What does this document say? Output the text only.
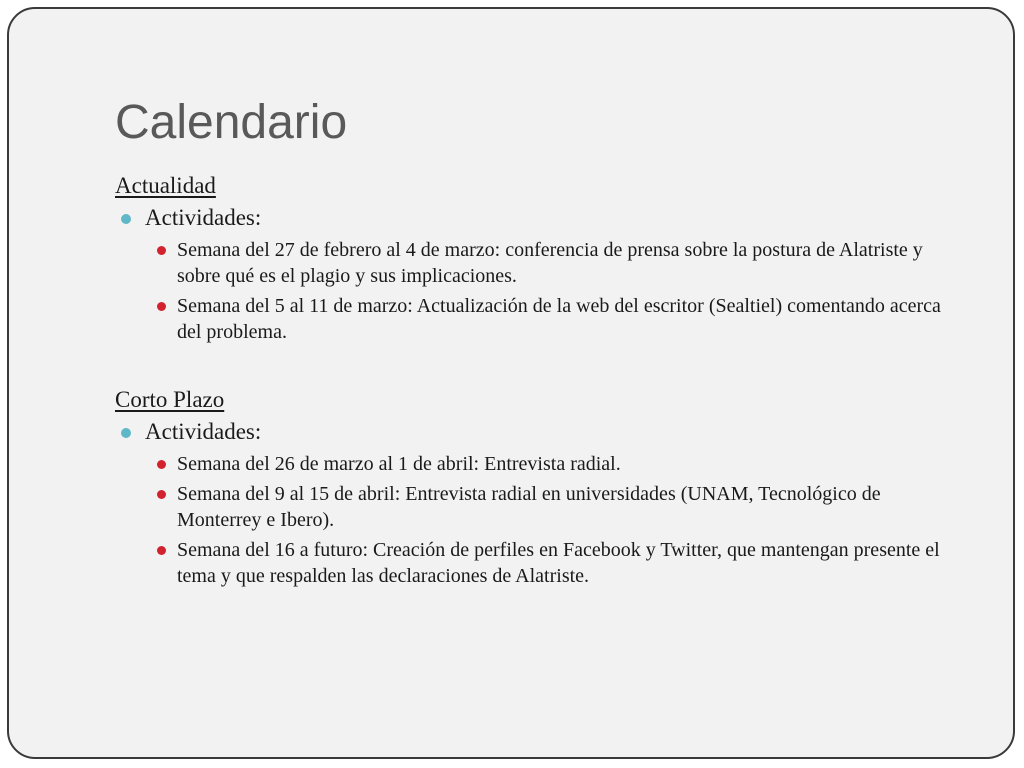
Calendario
Actualidad
Actividades:
Semana del 27 de febrero al 4 de marzo: conferencia de prensa sobre la postura de Alatriste y sobre qué es el plagio y sus implicaciones.
Semana del 5 al 11 de marzo: Actualización de la web del escritor (Sealtiel) comentando acerca del problema.
Corto Plazo
Actividades:
Semana del 26 de marzo al 1 de abril: Entrevista radial.
Semana del 9 al 15 de abril: Entrevista radial en universidades (UNAM, Tecnológico de Monterrey e Ibero).
Semana del 16 a futuro: Creación de perfiles en Facebook y Twitter, que mantengan presente el tema y que respalden las declaraciones de Alatriste.
